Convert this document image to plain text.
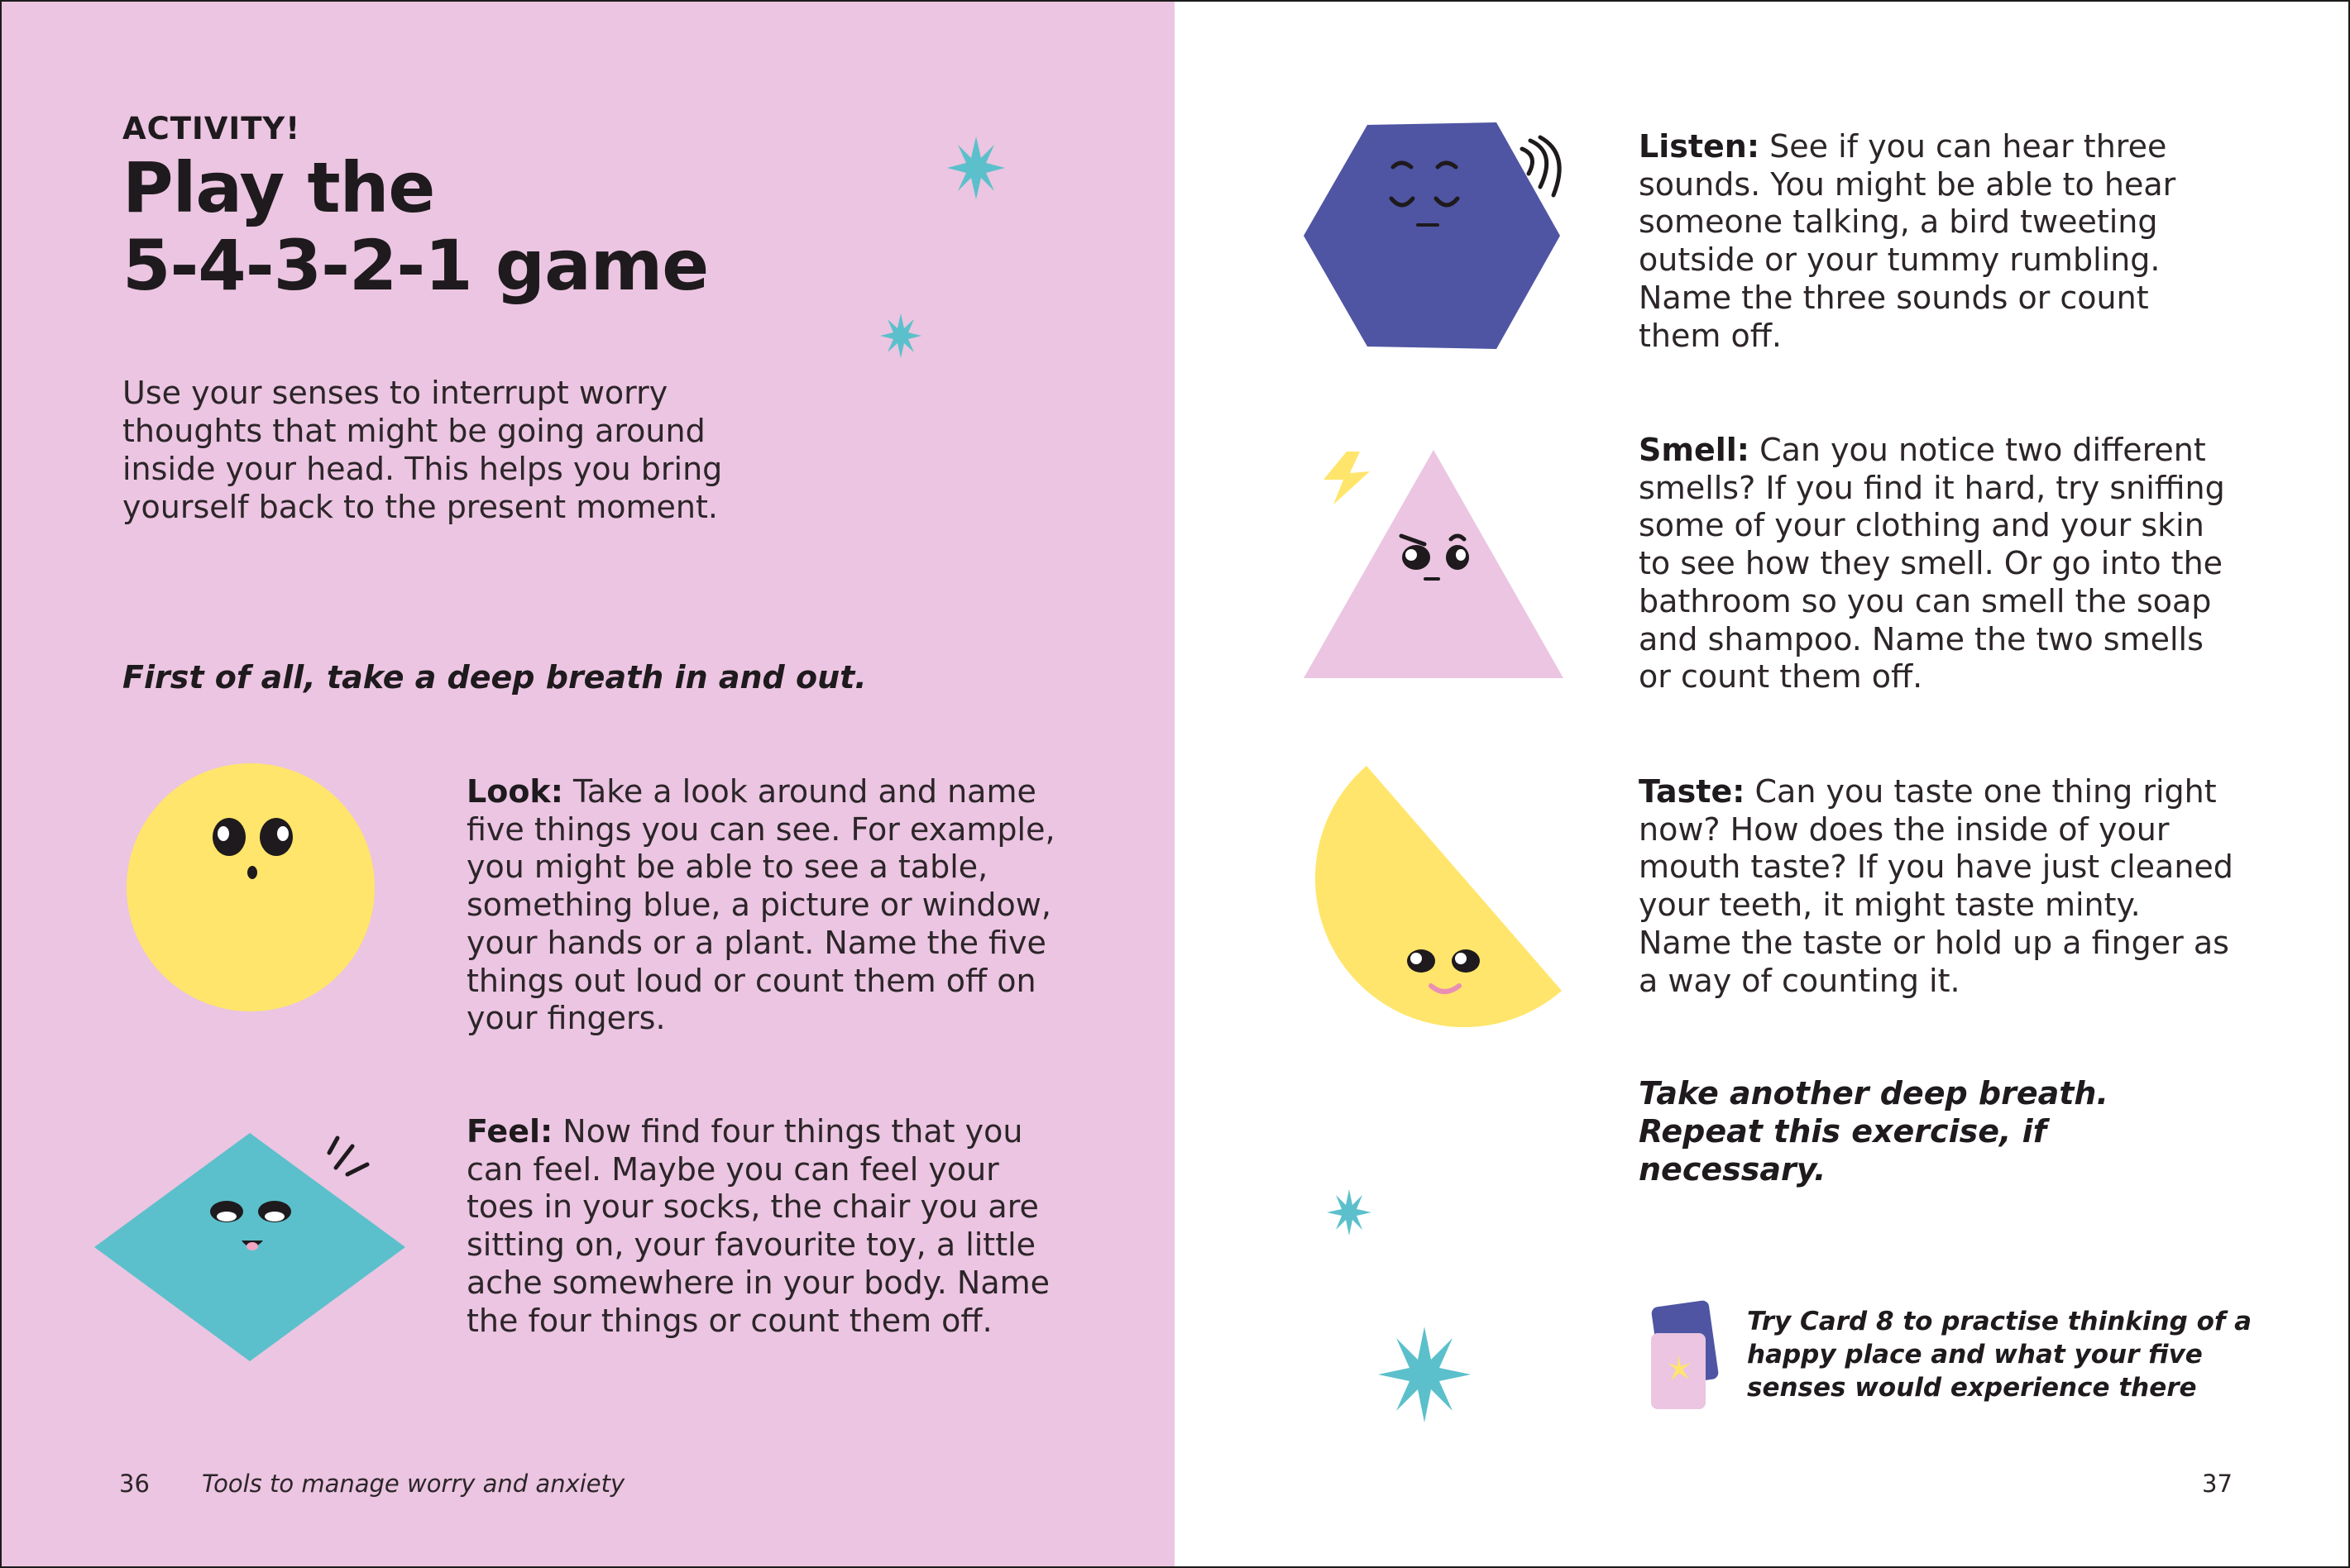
ACTIVITY!
Play the
5-4-3-2-1 game
Use your senses to interrupt worry thoughts that might be going around inside your head. This helps you bring yourself back to the present moment.
First of all, take a deep breath in and out.
Look: Take a look around and name five things you can see. For example, you might be able to see a table, something blue, a picture or window, your hands or a plant. Name the five things out loud or count them off on your fingers.
Feel: Now find four things that you can feel. Maybe you can feel your toes in your socks, the chair you are sitting on, your favourite toy, a little ache somewhere in your body. Name the four things or count them off.
36 Tools to manage worry and anxiety
Listen: See if you can hear three sounds. You might be able to hear someone talking, a bird tweeting outside or your tummy rumbling. Name the three sounds or count them off.
Smell: Can you notice two different smells? If you find it hard, try sniffing some of your clothing and your skin to see how they smell. Or go into the bathroom so you can smell the soap and shampoo. Name the two smells or count them off.
Taste: Can you taste one thing right now? How does the inside of your mouth taste? If you have just cleaned your teeth, it might taste minty. Name the taste or hold up a finger as a way of counting it.
Take another deep breath. Repeat this exercise, if necessary.
Try Card 8 to practise thinking of a happy place and what your five senses would experience there
37
